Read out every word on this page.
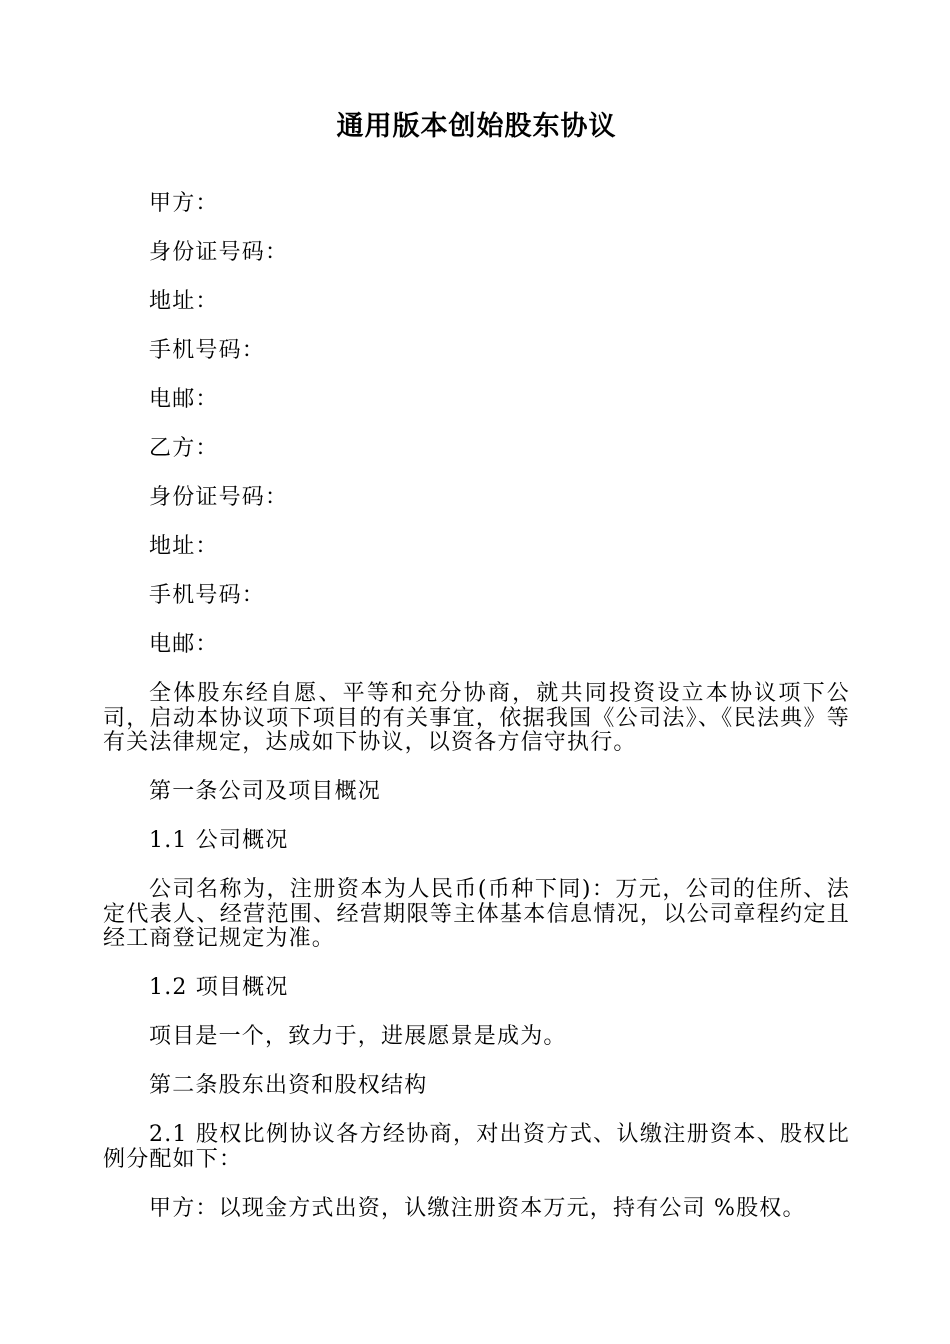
通用版本创始股东协议

甲方：

身份证号码：

地址：

手机号码：

电邮：

乙方：

身份证号码：

地址：

手机号码：

电邮：

全体股东经自愿、平等和充分协商，就共同投资设立本协议项下公司，启动本协议项下项目的有关事宜，依据我国《公司法》、《民法典》等有关法律规定，达成如下协议，以资各方信守执行。

第一条公司及项目概况

1.1 公司概况

公司名称为，注册资本为人民币(币种下同)：万元，公司的住所、法定代表人、经营范围、经营期限等主体基本信息情况，以公司章程约定且经工商登记规定为准。

1.2 项目概况

项目是一个，致力于，进展愿景是成为。

第二条股东出资和股权结构

2.1 股权比例协议各方经协商，对出资方式、认缴注册资本、股权比例分配如下：

甲方：以现金方式出资，认缴注册资本万元，持有公司 %股权。
